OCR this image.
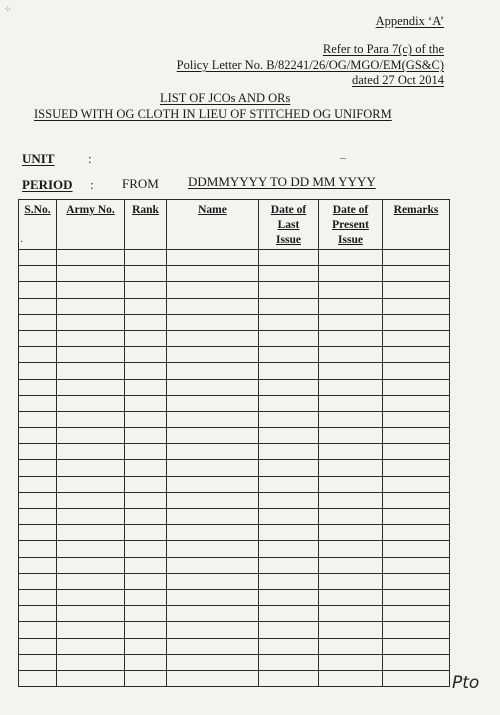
⁘
Appendix ‘A’
Refer to Para 7(c) of the
Policy Letter No. B/82241/26/OG/MGO/EM(GS&C)
dated 27 Oct 2014
LIST OF JCOs AND ORs
ISSUED WITH OG CLOTH IN LIEU OF STITCHED OG UNIFORM
UNIT	:	–
PERIOD : FROM DDMMYYYY TO DD MM YYYY
S.No.	Army No.	Rank	Name	Date of
Last
Issue	Date of
Present
Issue	Remarks

·
Pto
